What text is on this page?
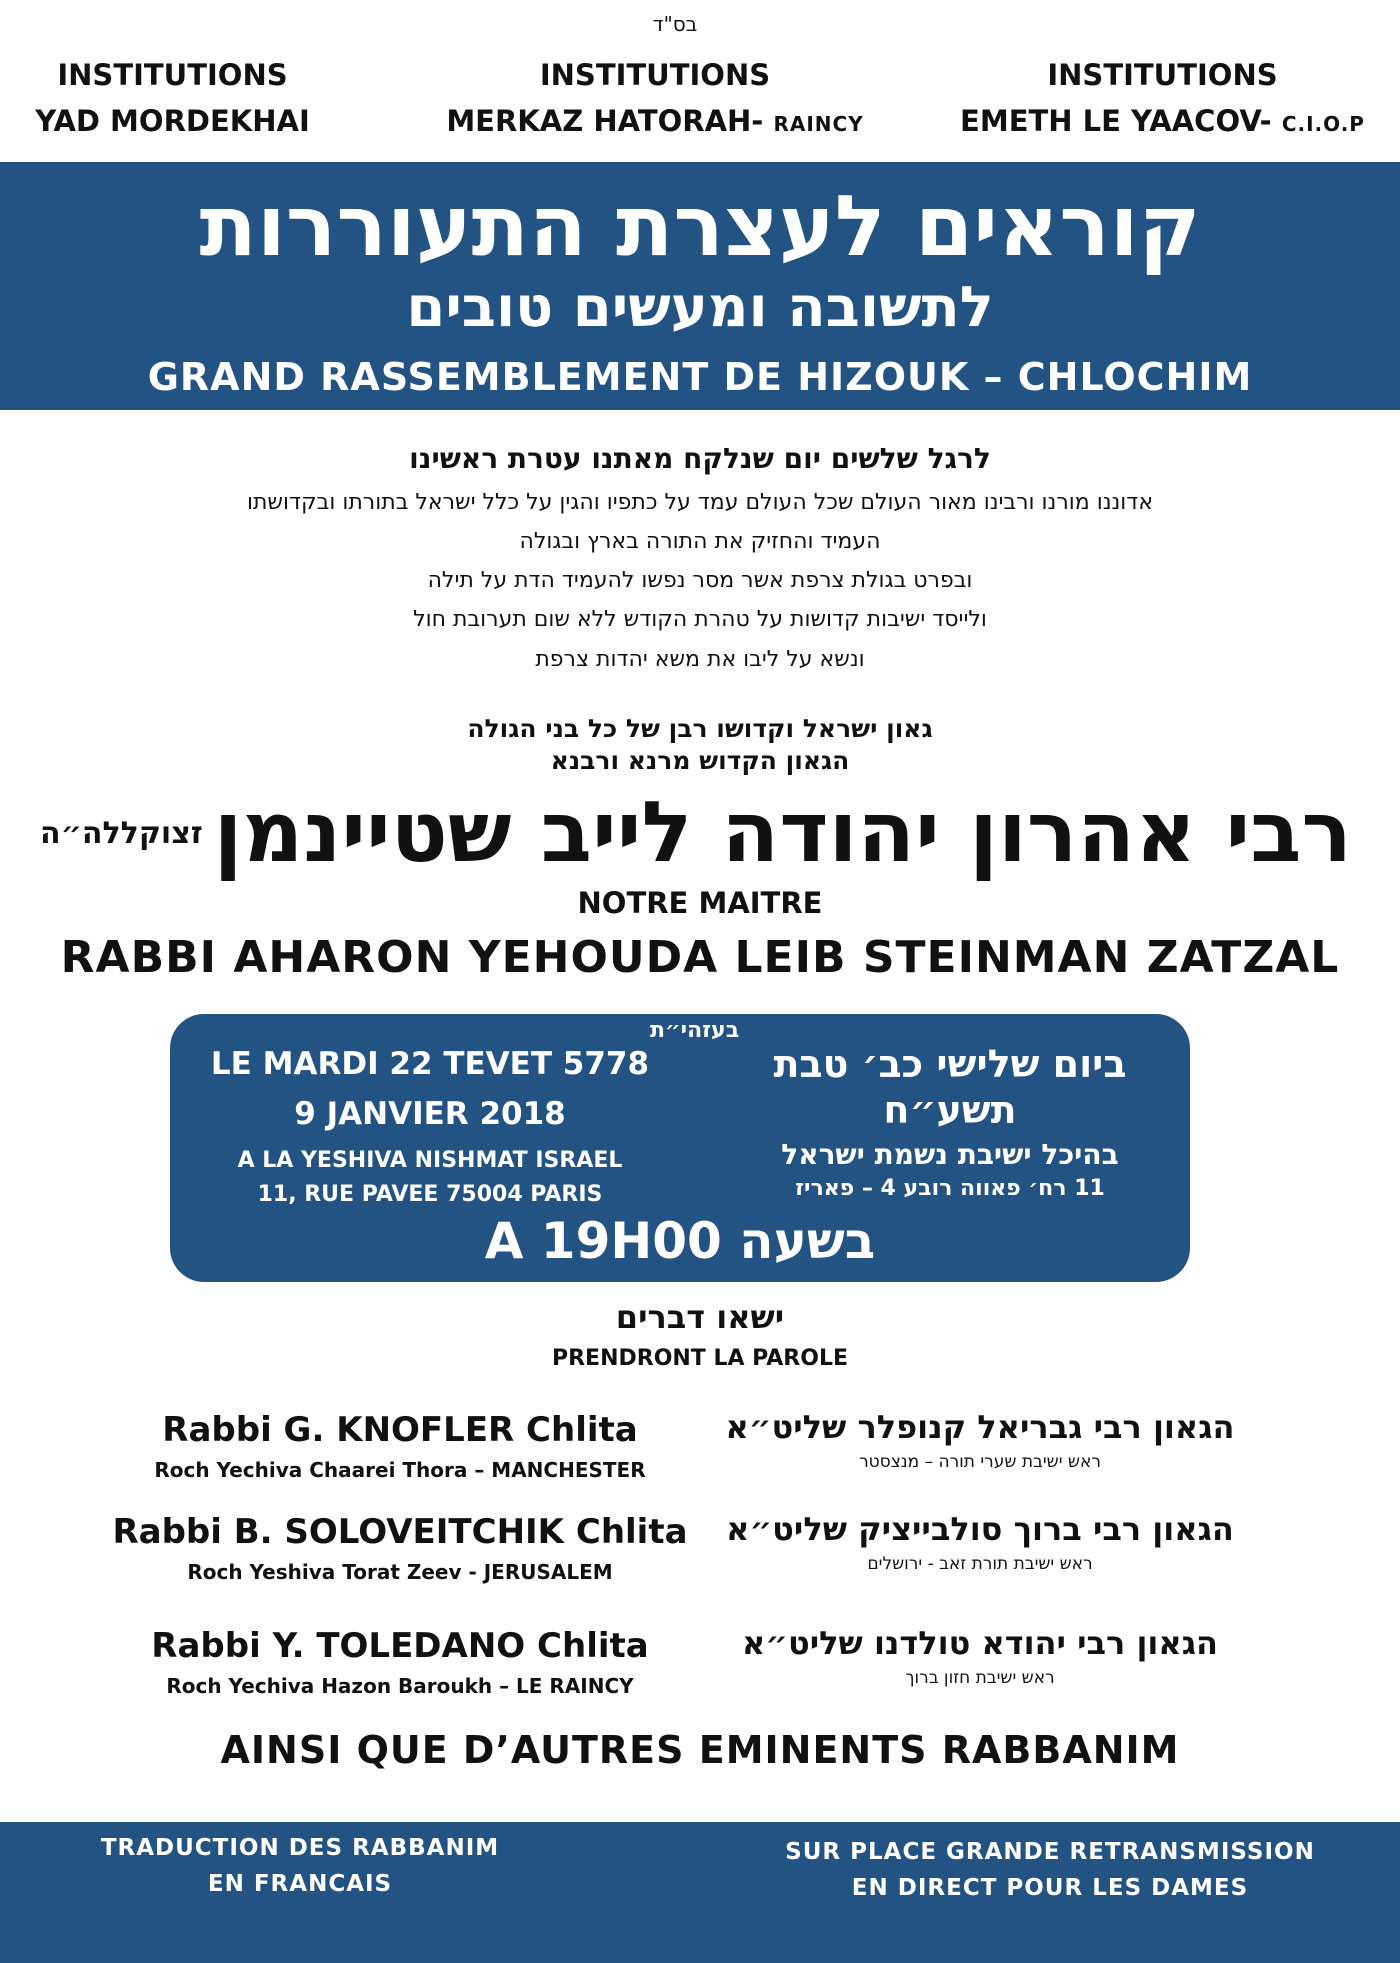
בס"ד
INSTITUTIONS
YAD MORDEKHAI
INSTITUTIONS
MERKAZ HATORAH- RAINCY
INSTITUTIONS
EMETH LE YAACOV- C.I.O.P
קוראים לעצרת התעוררות
לתשובה ומעשים טובים
GRAND RASSEMBLEMENT DE HIZOUK – CHLOCHIM
לרגל שלשים יום שנלקח מאתנו עטרת ראשינו
אדוננו מורנו ורבינו מאור העולם שכל העולם עמד על כתפיו והגין על כלל ישראל בתורתו ובקדושתו
העמיד והחזיק את התורה בארץ ובגולה
ובפרט בגולת צרפת אשר מסר נפשו להעמיד הדת על תילה
ולייסד ישיבות קדושות על טהרת הקודש ללא שום תערובת חול
ונשא על ליבו את משא יהדות צרפת
גאון ישראל וקדושו רבן של כל בני הגולה
הגאון הקדוש מרנא ורבנא
זצוקללה״ה רבי אהרון יהודה לייב שטיינמן
NOTRE MAITRE
RABBI AHARON YEHOUDA LEIB STEINMAN ZATZAL
בעזהי״ת
LE MARDI 22 TEVET 5778
9 JANVIER 2018
A LA YESHIVA NISHMAT ISRAEL
11, RUE PAVEE 75004 PARIS
ביום שלישי כב׳ טבת
תשע״ח
בהיכל ישיבת נשמת ישראל
11 רח׳ פאווה רובע 4 – פאריז
A 19H00 בשעה
ישאו דברים
PRENDRONT LA PAROLE
Rabbi G. KNOFLER Chlita
Roch Yechiva Chaarei Thora – MANCHESTER
הגאון רבי גבריאל קנופלר שליט״א
ראש ישיבת שערי תורה – מנצסטר
Rabbi B. SOLOVEITCHIK Chlita
Roch Yeshiva Torat Zeev - JERUSALEM
הגאון רבי ברוך סולבייציק שליט״א
ראש ישיבת תורת זאב - ירושלים
Rabbi Y. TOLEDANO Chlita
Roch Yechiva Hazon Baroukh – LE RAINCY
הגאון רבי יהודא טולדנו שליט״א
ראש ישיבת חזון ברוך
AINSI QUE D’AUTRES EMINENTS RABBANIM
TRADUCTION DES RABBANIM
EN FRANCAIS
SUR PLACE GRANDE RETRANSMISSION
EN DIRECT POUR LES DAMES
